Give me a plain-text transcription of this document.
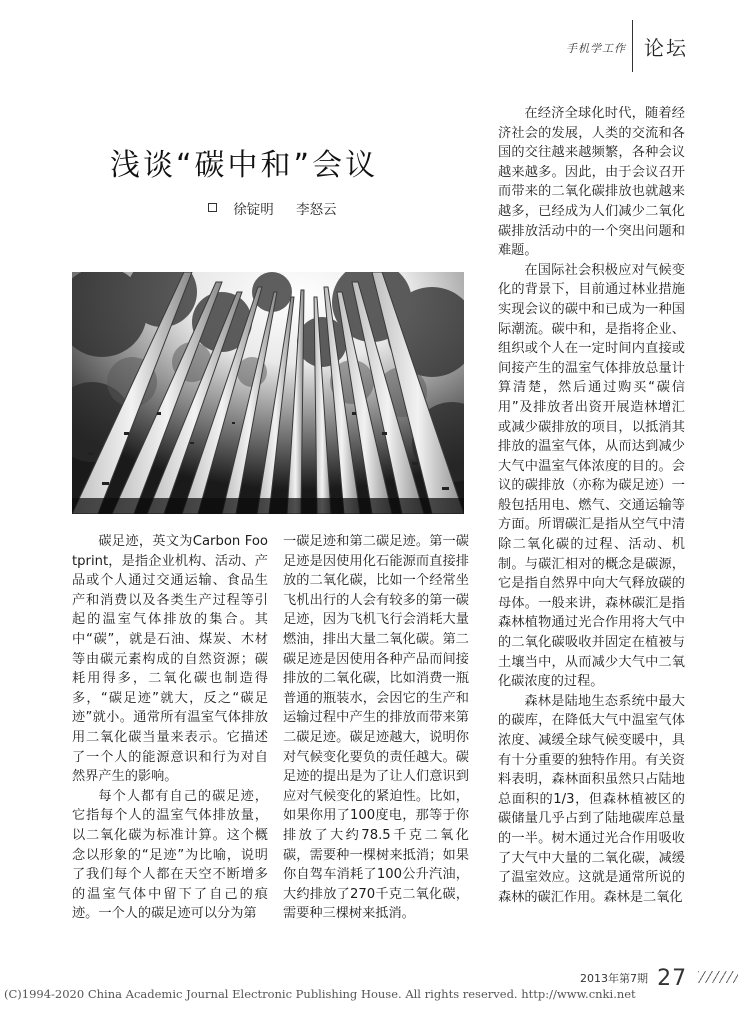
手机学工作 论坛
浅谈“碳中和”会议
徐锭明 李怒云

碳足迹，英文为Carbon Footprint，是指企业机构、活动、产品或个人通过交通运输、食品生产和消费以及各类生产过程等引起的温室气体排放的集合。其中“碳”，就是石油、煤炭、木材等由碳元素构成的自然资源；碳耗用得多，二氧化碳也制造得多，“碳足迹”就大，反之“碳足迹”就小。通常所有温室气体排放用二氧化碳当量来表示。它描述了一个人的能源意识和行为对自然界产生的影响。

每个人都有自己的碳足迹，它指每个人的温室气体排放量，以二氧化碳为标准计算。这个概念以形象的“足迹”为比喻，说明了我们每个人都在天空不断增多的温室气体中留下了自己的痕迹。一个人的碳足迹可以分为第

一碳足迹和第二碳足迹。第一碳足迹是因使用化石能源而直接排放的二氧化碳，比如一个经常坐飞机出行的人会有较多的第一碳足迹，因为飞机飞行会消耗大量燃油，排出大量二氧化碳。第二碳足迹是因使用各种产品而间接排放的二氧化碳，比如消费一瓶普通的瓶装水，会因它的生产和运输过程中产生的排放而带来第二碳足迹。碳足迹越大，说明你对气候变化要负的责任越大。碳足迹的提出是为了让人们意识到应对气候变化的紧迫性。比如，如果你用了100度电，那等于你排放了大约78.5千克二氧化碳，需要种一棵树来抵消；如果你自驾车消耗了100公升汽油，大约排放了270千克二氧化碳，需要种三棵树来抵消。

在经济全球化时代，随着经济社会的发展，人类的交流和各国的交往越来越频繁，各种会议越来越多。因此，由于会议召开而带来的二氧化碳排放也就越来越多，已经成为人们减少二氧化碳排放活动中的一个突出问题和难题。

在国际社会积极应对气候变化的背景下，目前通过林业措施实现会议的碳中和已成为一种国际潮流。碳中和，是指将企业、组织或个人在一定时间内直接或间接产生的温室气体排放总量计算清楚，然后通过购买“碳信用”及排放者出资开展造林增汇或减少碳排放的项目，以抵消其排放的温室气体，从而达到减少大气中温室气体浓度的目的。会议的碳排放（亦称为碳足迹）一般包括用电、燃气、交通运输等方面。所谓碳汇是指从空气中清除二氧化碳的过程、活动、机制。与碳汇相对的概念是碳源，它是指自然界中向大气释放碳的母体。一般来讲，森林碳汇是指森林植物通过光合作用将大气中的二氧化碳吸收并固定在植被与土壤当中，从而减少大气中二氧化碳浓度的过程。

森林是陆地生态系统中最大的碳库，在降低大气中温室气体浓度、减缓全球气候变暖中，具有十分重要的独特作用。有关资料表明，森林面积虽然只占陆地总面积的1/3，但森林植被区的碳储量几乎占到了陆地碳库总量的一半。树木通过光合作用吸收了大气中大量的二氧化碳，减缓了温室效应。这就是通常所说的森林的碳汇作用。森林是二氧化

2013年第7期 27
(C)1994-2020 China Academic Journal Electronic Publishing House. All rights reserved. http://www.cnki.net
